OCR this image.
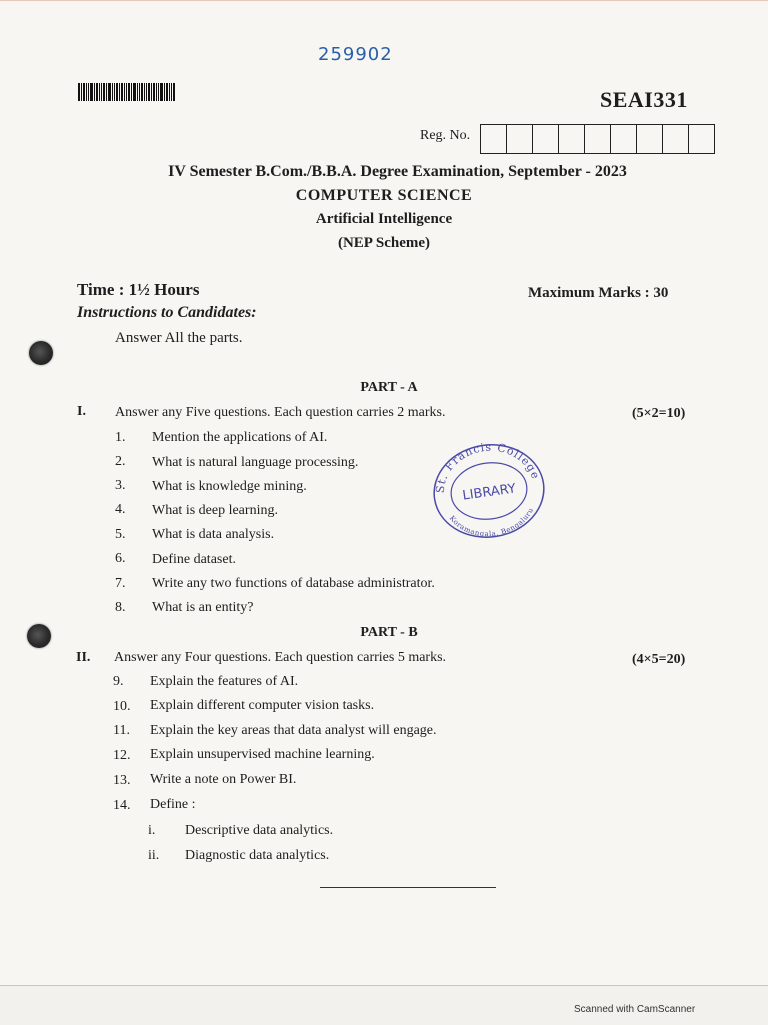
259902
SEAI331
Reg. No.
IV Semester B.Com./B.B.A. Degree Examination, September - 2023
COMPUTER SCIENCE
Artificial Intelligence
(NEP Scheme)
Time : 1½ Hours	Maximum Marks : 30
Instructions to Candidates:
Answer All the parts.
PART - A
I. Answer any Five questions. Each question carries 2 marks.	(5×2=10)
1.	Mention the applications of AI.
2.	What is natural language processing.
3.	What is knowledge mining.
4.	What is deep learning.
5.	What is data analysis.
6.	Define dataset.
7.	Write any two functions of database administrator.
8.	What is an entity?
St. Francis College
LIBRARY
Koramangala, Bengaluru
PART - B
II. Answer any Four questions. Each question carries 5 marks.	(4×5=20)
9.	Explain the features of AI.
10.	Explain different computer vision tasks.
11.	Explain the key areas that data analyst will engage.
12.	Explain unsupervised machine learning.
13.	Write a note on Power BI.
14.	Define :
i.	Descriptive data analytics.
ii.	Diagnostic data analytics.
Scanned with CamScanner
